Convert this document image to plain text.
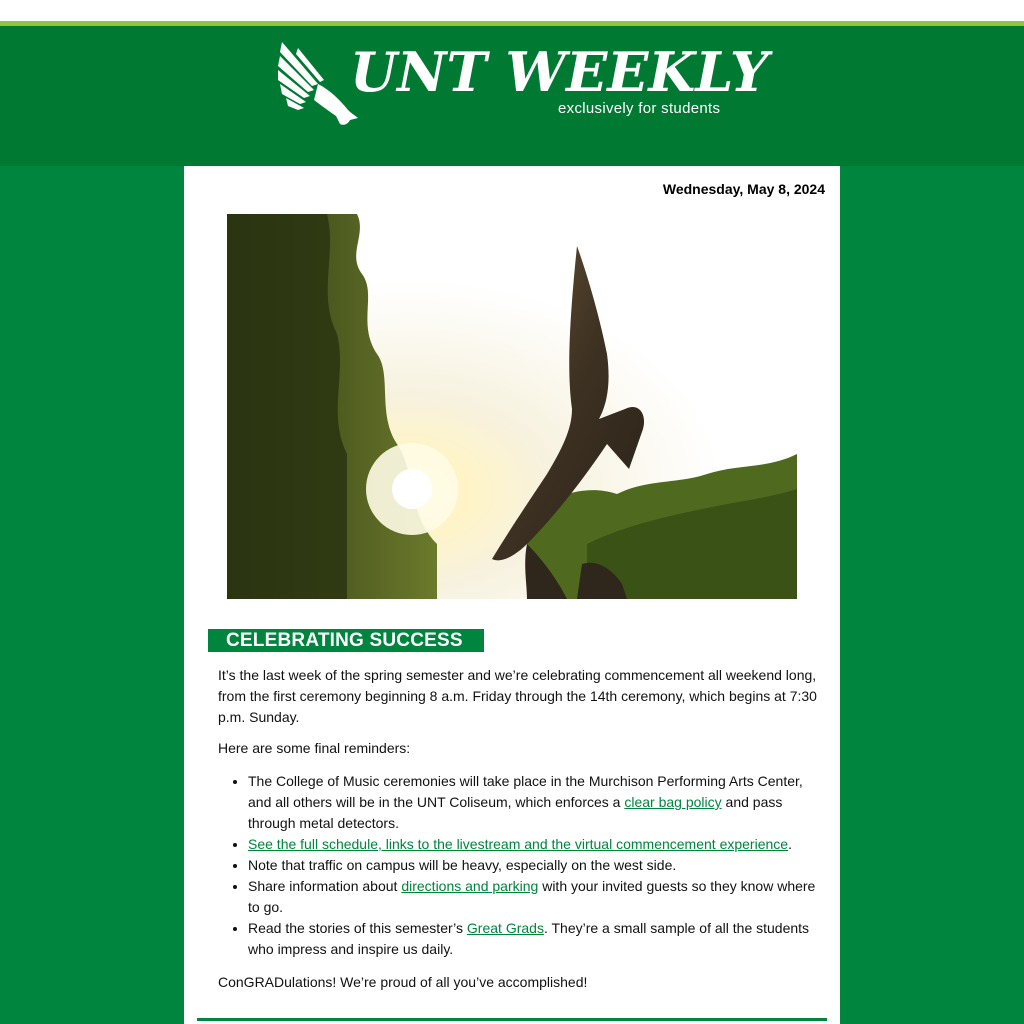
UNT WEEKLY
exclusively for students
Wednesday, May 8, 2024
CELEBRATING SUCCESS

It’s the last week of the spring semester and we’re celebrating commencement all weekend long, from the first ceremony beginning 8 a.m. Friday through the 14th ceremony, which begins at 7:30 p.m. Sunday.

Here are some final reminders:

• The College of Music ceremonies will take place in the Murchison Performing Arts Center, and all others will be in the UNT Coliseum, which enforces a clear bag policy and pass through metal detectors.
• See the full schedule, links to the livestream and the virtual commencement experience.
• Note that traffic on campus will be heavy, especially on the west side.
• Share information about directions and parking with your invited guests so they know where to go.
• Read the stories of this semester’s Great Grads. They’re a small sample of all the students who impress and inspire us daily.

ConGRADulations! We’re proud of all you’ve accomplished!
